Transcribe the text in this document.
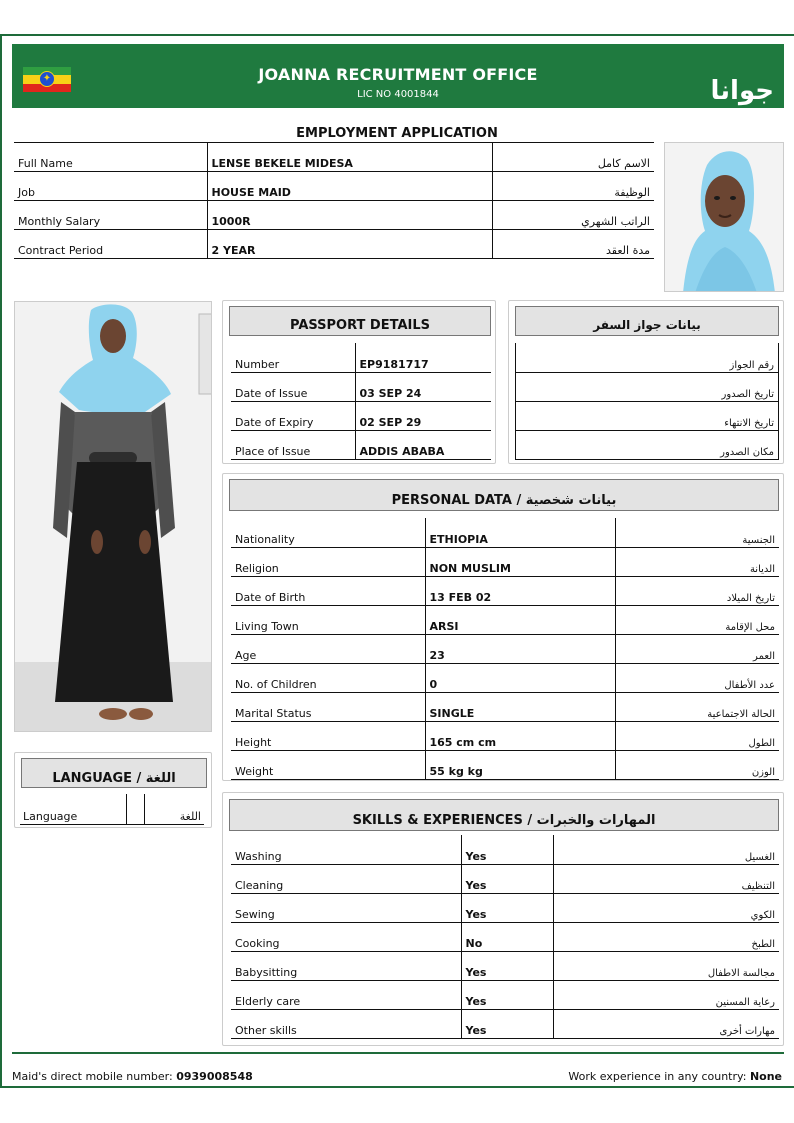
✦	JOANNA RECRUITMENT OFFICE
LIC NO 4001844	جوانا
EMPLOYMENT APPLICATION
Full Name	LENSE BEKELE MIDESA	الاسم كامل
Job	HOUSE MAID	الوظيفة
Monthly Salary	1000R	الراتب الشهري
Contract Period	2 YEAR	مدة العقد
PASSPORT DETAILS
Number	EP9181717
Date of Issue	03 SEP 24
Date of Expiry	02 SEP 29
Place of Issue	ADDIS ABABA
بيانات جواز السفر
رقم الجواز
تاريخ الصدور
تاريخ الانتهاء
مكان الصدور
PERSONAL DATA / بيانات شخصية
Nationality	ETHIOPIA	الجنسية
Religion	NON MUSLIM	الديانة
Date of Birth	13 FEB 02	تاريخ الميلاد
Living Town	ARSI	محل الإقامة
Age	23	العمر
No. of Children	0	عدد الأطفال
Marital Status	SINGLE	الحالة الاجتماعية
Height	165 cm cm	الطول
Weight	55 kg kg	الوزن
LANGUAGE / اللغة
Language		اللغة	SKILLS & EXPERIENCES / المهارات والخبرات
Washing	Yes	الغسيل
Cleaning	Yes	التنظيف
Sewing	Yes	الكوي
Cooking	No	الطبخ
Babysitting	Yes	مجالسة الاطفال
Elderly care	Yes	رعاية المسنين
Other skills	Yes	مهارات أخرى
Maid's direct mobile number: 0939008548	Work experience in any country: None
